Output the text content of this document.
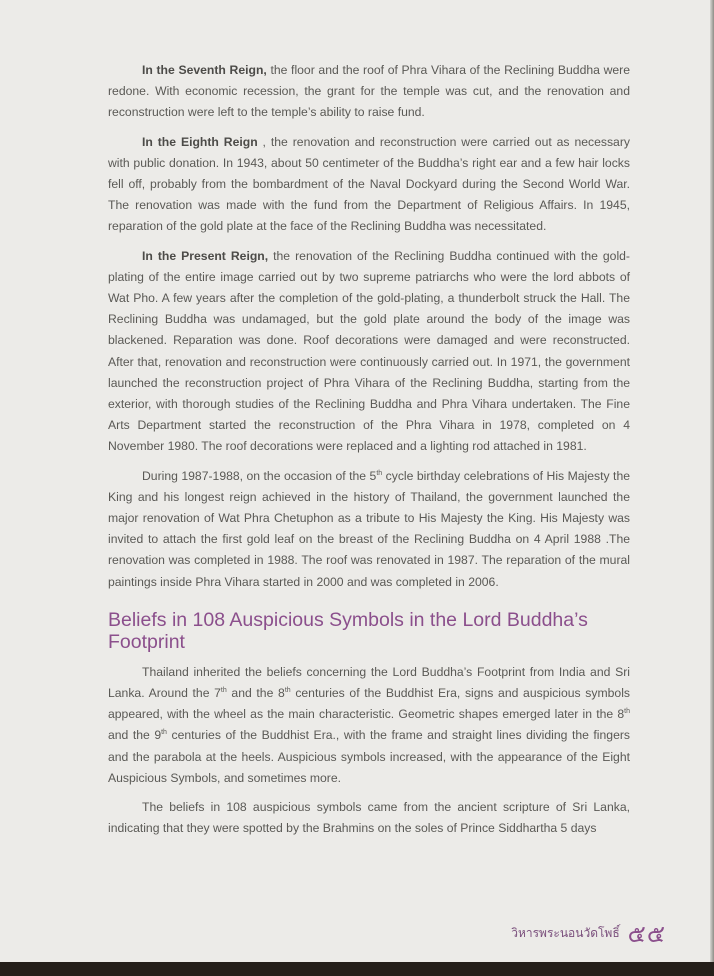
In the Seventh Reign, the floor and the roof of Phra Vihara of the Reclining Buddha were redone. With economic recession, the grant for the temple was cut, and the renovation and reconstruction were left to the temple’s ability to raise fund.

In the Eighth Reign , the renovation and reconstruction were carried out as necessary with public donation. In 1943, about 50 centimeter of the Buddha’s right ear and a few hair locks fell off, probably from the bombardment of the Naval Dockyard during the Second World War. The renovation was made with the fund from the Department of Religious Affairs. In 1945, reparation of the gold plate at the face of the Reclining Buddha was necessitated.

In the Present Reign, the renovation of the Reclining Buddha continued with the gold-plating of the entire image carried out by two supreme patriarchs who were the lord abbots of Wat Pho. A few years after the completion of the gold-plating, a thunderbolt struck the Hall. The Reclining Buddha was undamaged, but the gold plate around the body of the image was blackened. Reparation was done. Roof decorations were damaged and were reconstructed. After that, renovation and reconstruction were continuously carried out. In 1971, the government launched the reconstruction project of Phra Vihara of the Reclining Buddha, starting from the exterior, with thorough studies of the Reclining Buddha and Phra Vihara undertaken. The Fine Arts Department started the reconstruction of the Phra Vihara in 1978, completed on 4 November 1980. The roof decorations were replaced and a lighting rod attached in 1981.

During 1987-1988, on the occasion of the 5th cycle birthday celebrations of His Majesty the King and his longest reign achieved in the history of Thailand, the government launched the major renovation of Wat Phra Chetuphon as a tribute to His Majesty the King. His Majesty was invited to attach the first gold leaf on the breast of the Reclining Buddha on 4 April 1988 .The renovation was completed in 1988. The roof was renovated in 1987. The reparation of the mural paintings inside Phra Vihara started in 2000 and was completed in 2006.

Beliefs in 108 Auspicious Symbols in the Lord Buddha’s Footprint

Thailand inherited the beliefs concerning the Lord Buddha’s Footprint from India and Sri Lanka. Around the 7th and the 8th centuries of the Buddhist Era, signs and auspicious symbols appeared, with the wheel as the main characteristic. Geometric shapes emerged later in the 8th and the 9th centuries of the Buddhist Era., with the frame and straight lines dividing the fingers and the parabola at the heels. Auspicious symbols increased, with the appearance of the Eight Auspicious Symbols, and sometimes more.

The beliefs in 108 auspicious symbols came from the ancient scripture of Sri Lanka, indicating that they were spotted by the Brahmins on the soles of Prince Siddhartha 5 days

วิหารพระนอนวัดโพธิ์ ๕๕
